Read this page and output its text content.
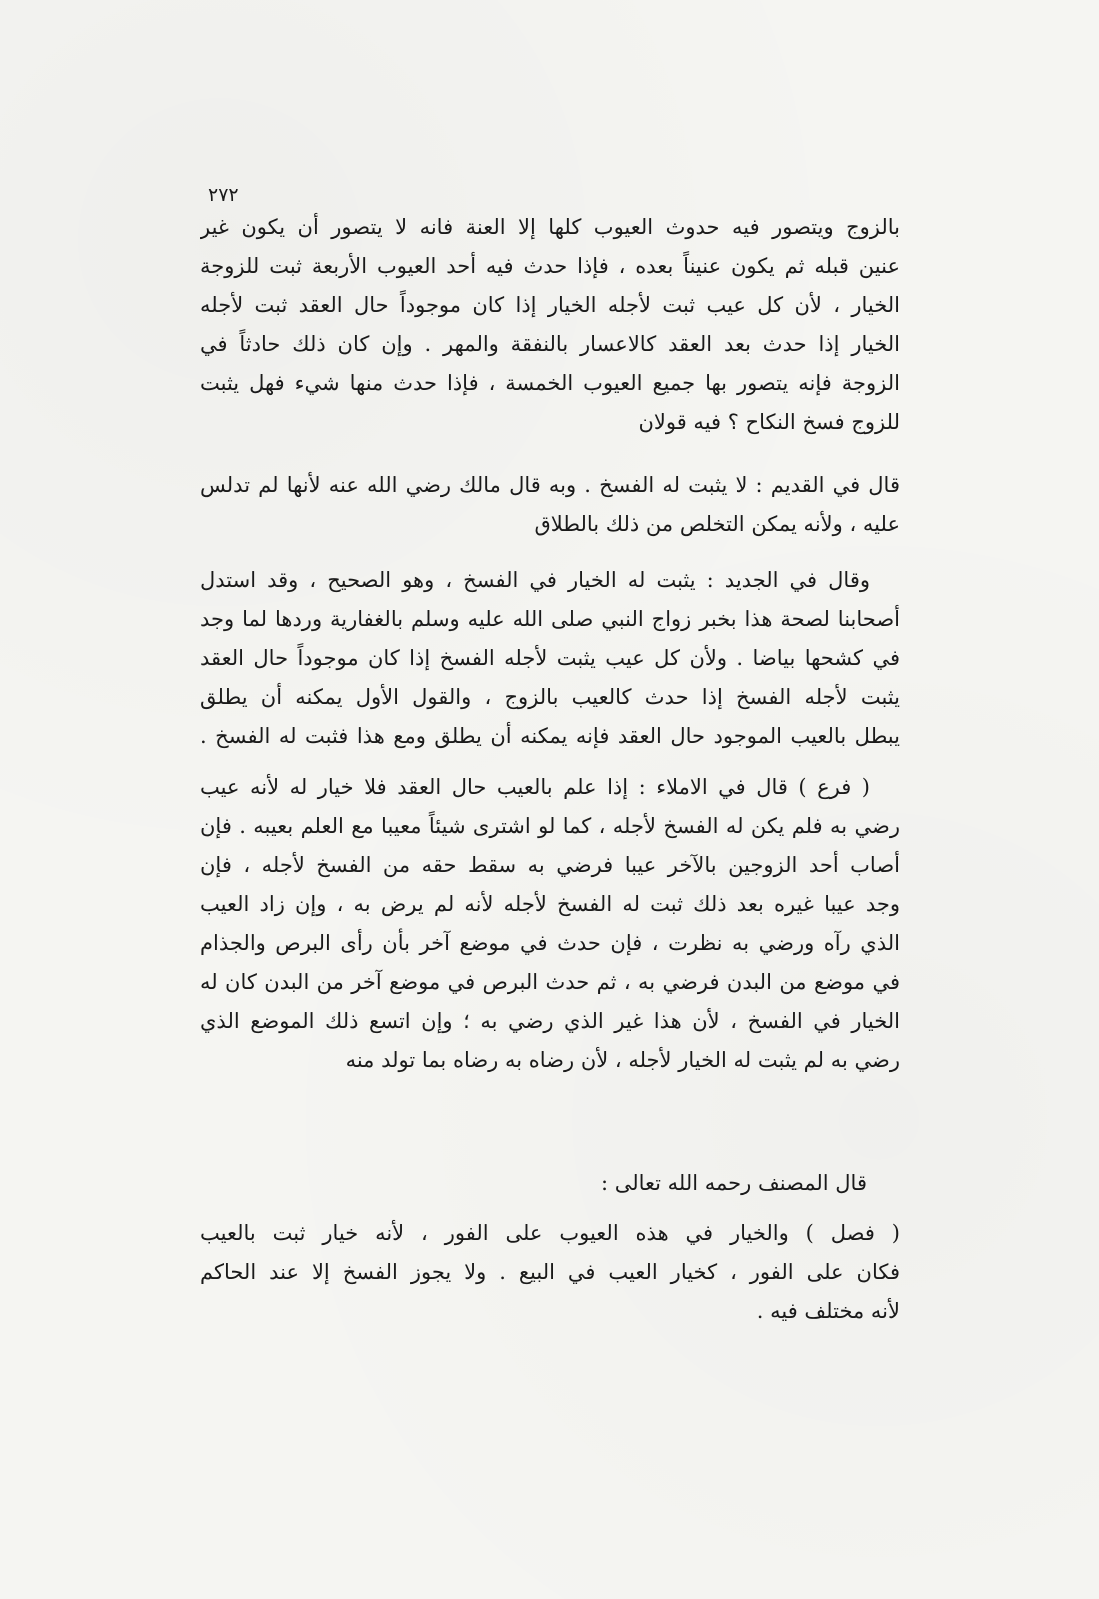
٢٧٢
بالزوج ويتصور فيه حدوث العيوب كلها إلا العنة فانه لا يتصور أن يكون غير
عنين قبله ثم يكون عنيناً بعده ، فإذا حدث فيه أحد العيوب الأربعة ثبت للزوجة
الخيار ، لأن كل عيب ثبت لأجله الخيار إذا كان موجوداً حال العقد ثبت لأجله
الخيار إذا حدث بعد العقد كالاعسار بالنفقة والمهر . وإن كان ذلك حادثاً في
الزوجة فإنه يتصور بها جميع العيوب الخمسة ، فإذا حدث منها شيء فهل يثبت
للزوج فسخ النكاح ؟ فيه قولان
قال في القديم : لا يثبت له الفسخ . وبه قال مالك رضي الله عنه لأنها لم تدلس
عليه ، ولأنه يمكن التخلص من ذلك بالطلاق
وقال في الجديد : يثبت له الخيار في الفسخ ، وهو الصحيح ، وقد استدل
أصحابنا لصحة هذا بخبر زواج النبي صلى الله عليه وسلم بالغفارية وردها لما وجد
في كشحها بياضا . ولأن كل عيب يثبت لأجله الفسخ إذا كان موجوداً حال العقد
يثبت لأجله الفسخ إذا حدث كالعيب بالزوج ، والقول الأول يمكنه أن يطلق
يبطل بالعيب الموجود حال العقد فإنه يمكنه أن يطلق ومع هذا فثبت له الفسخ .
( فرع ) قال في الاملاء : إذا علم بالعيب حال العقد فلا خيار له لأنه عيب
رضي به فلم يكن له الفسخ لأجله ، كما لو اشترى شيئاً معيبا مع العلم بعيبه . فإن
أصاب أحد الزوجين بالآخر عيبا فرضي به سقط حقه من الفسخ لأجله ، فإن
وجد عيبا غيره بعد ذلك ثبت له الفسخ لأجله لأنه لم يرض به ، وإن زاد العيب
الذي رآه ورضي به نظرت ، فإن حدث في موضع آخر بأن رأى البرص والجذام
في موضع من البدن فرضي به ، ثم حدث البرص في موضع آخر من البدن كان له
الخيار في الفسخ ، لأن هذا غير الذي رضي به ؛ وإن اتسع ذلك الموضع الذي
رضي به لم يثبت له الخيار لأجله ، لأن رضاه به رضاه بما تولد منه
قال المصنف رحمه الله تعالى :
( فصل ) والخيار في هذه العيوب على الفور ، لأنه خيار ثبت بالعيب
فكان على الفور ، كخيار العيب في البيع . ولا يجوز الفسخ إلا عند الحاكم
لأنه مختلف فيه .
